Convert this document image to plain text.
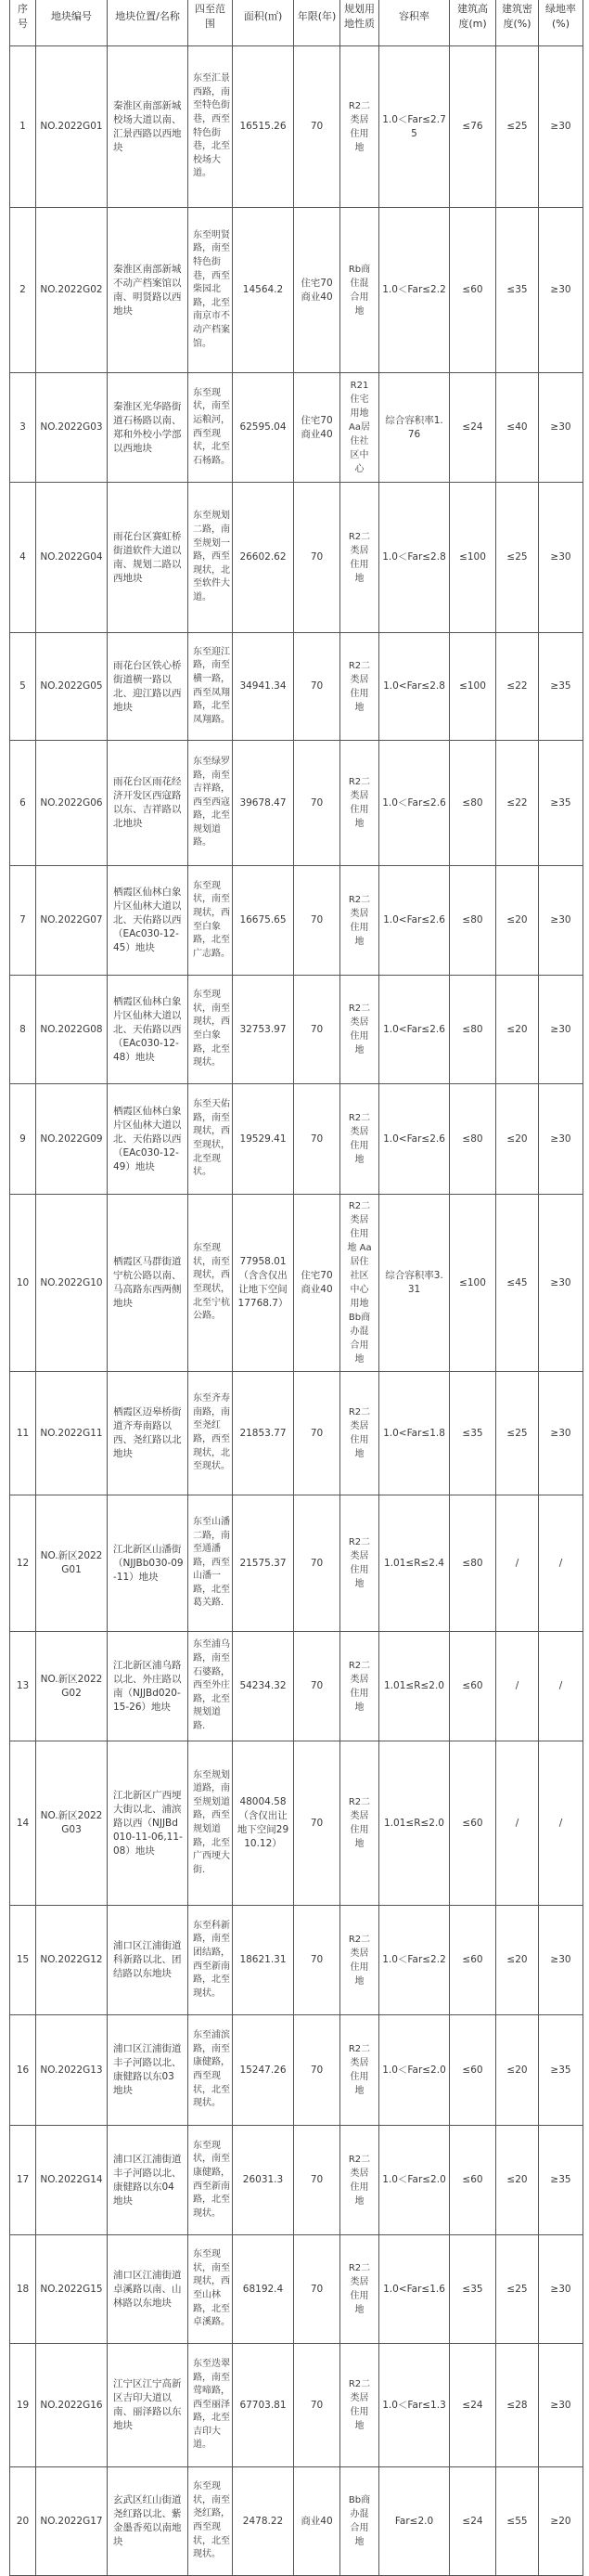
序号	地块编号	地块位置/名称	四至范围	面积(㎡)	年限(年)	规划用地性质	容积率	建筑高度(m)	建筑密度(%)	绿地率(%)
1	NO.2022G01	秦淮区南部新城校场大道以南、汇景西路以西地块	东至汇景西路，南至特色街巷，西至特色街巷，北至校场大道。	16515.26	70	R2二类居住用地	1.0＜Far≤2.75	≤76	≤25	≥30
2	NO.2022G02	秦淮区南部新城不动产档案馆以南、明贤路以西地块	东至明贤路，南至特色街巷，西至柴园北路，北至南京市不动产档案馆。	14564.2	住宅70 商业40	Rb商住混合用地	1.0＜Far≤2.2	≤60	≤35	≥30
3	NO.2022G03	秦淮区光华路街道石杨路以南、郑和外校小学部以西地块	东至现状，南至运粮河，西至现状，北至石杨路。	62595.04	住宅70 商业40	R21住宅用地 Aa居住社区中心	综合容积率1.76	≤24	≤40	≥30
4	NO.2022G04	雨花台区赛虹桥街道软件大道以南、规划二路以西地块	东至规划二路，南至规划一路，西至现状，北至软件大道。	26602.62	70	R2二类居住用地	1.0＜Far≤2.8	≤100	≤25	≥30
5	NO.2022G05	雨花台区铁心桥街道横一路以北、迎江路以西地块	东至迎江路，南至横一路，西至凤翔路，北至凤翔路。	34941.34	70	R2二类居住用地	1.0<Far≤2.8	≤100	≤22	≥35
6	NO.2022G06	雨花台区雨花经济开发区西寇路以东、吉祥路以北地块	东至绿罗路，南至吉祥路，西至西寇路，北至规划道路。	39678.47	70	R2二类居住用地	1.0＜Far≤2.6	≤80	≤22	≥35
7	NO.2022G07	栖霞区仙林白象片区仙林大道以北、天佑路以西（EAc030-12-45）地块	东至现状，南至现状，西至白象路，北至广志路。	16675.65	70	R2二类居住用地	1.0<Far≤2.6	≤80	≤20	≥30
8	NO.2022G08	栖霞区仙林白象片区仙林大道以北、天佑路以西（EAc030-12-48）地块	东至现状，南至现状，西至白象路，北至现状。	32753.97	70	R2二类居住用地	1.0<Far≤2.6	≤80	≤20	≥30
9	NO.2022G09	栖霞区仙林白象片区仙林大道以北、天佑路以西（EAc030-12-49）地块	东至天佑路，南至现状，西至现状，北至现状。	19529.41	70	R2二类居住用地	1.0<Far≤2.6	≤80	≤20	≥30
10	NO.2022G10	栖霞区马群街道宁杭公路以南、马高路东西两侧地块	东至现状，南至现状，西至现状，北至宁杭公路。	77958.01（含含仅出让地下空间17768.7）	住宅70 商业40	R2二类居住用地 Aa居住社区中心用地 Bb商办混合用地	综合容积率3.31	≤100	≤45	≥30
11	NO.2022G11	栖霞区迈皋桥街道齐寿南路以西、尧红路以北地块	东至齐寿南路，南至尧红路，西至现状，北至现状。	21853.77	70	R2二类居住用地	1.0<Far≤1.8	≤35	≤25	≥30
12	NO.新区2022G01	江北新区山潘街（NJJBb030-09-11）地块	东至山潘二路，南至通潘路，西至山潘一路，北至葛关路.	21575.37	70	R2二类居住用地	1.01≤R≤2.4	≤80	/	/
13	NO.新区2022G02	江北新区浦乌路以北、外庄路以南（NJJBd020-15-26）地块	东至浦乌路，南至石婆路，西至外庄路，北至规划道路.	54234.32	70	R2二类居住用地	1.01≤R≤2.0	≤60	/	/
14	NO.新区2022G03	江北新区广西埂大街以北、浦滨路以西（NJJBd010-11-06,11-08）地块	东至规划道路，南至规划道路，西至规划道路，北至广西埂大街.	48004.58（含仅出让地下空间2910.12）	70	R2二类居住用地	1.01≤R≤2.0	≤60	/	/
15	NO.2022G12	浦口区江浦街道科新路以北、团结路以东地块	东至科新路，南至团结路，西至新南路，北至现状。	18621.31	70	R2二类居住用地	1.0＜Far≤2.2	≤60	≤20	≥30
16	NO.2022G13	浦口区江浦街道丰子河路以北、康健路以东03地块	东至浦滨路，南至康健路，西至现状，北至现状。	15247.26	70	R2二类居住用地	1.0＜Far≤2.0	≤60	≤20	≥35
17	NO.2022G14	浦口区江浦街道丰子河路以北、康健路以东04地块	东至现状，南至康健路，西至新南路，北至现状。	26031.3	70	R2二类居住用地	1.0＜Far≤2.0	≤60	≤20	≥35
18	NO.2022G15	浦口区江浦街道卓溪路以南、山林路以东地块	东至现状，南至现状，西至山林路，北至卓溪路。	68192.4	70	R2二类居住用地	1.0<Far≤1.6	≤35	≤25	≥30
19	NO.2022G16	江宁区江宁高新区吉印大道以南、丽泽路以东地块	东至迭翠路，南至莺啼路，西至丽泽路，北至吉印大道。	67703.81	70	R2二类居住用地	1.0＜Far≤1.3	≤24	≤28	≥30
20	NO.2022G17	玄武区红山街道尧红路以北、紫金墨香苑以南地块	东至现状，南至尧红路，西至现状，北至现状。	2478.22	商业40	Bb商办混合用地	Far≤2.0	≤24	≤55	≥20
